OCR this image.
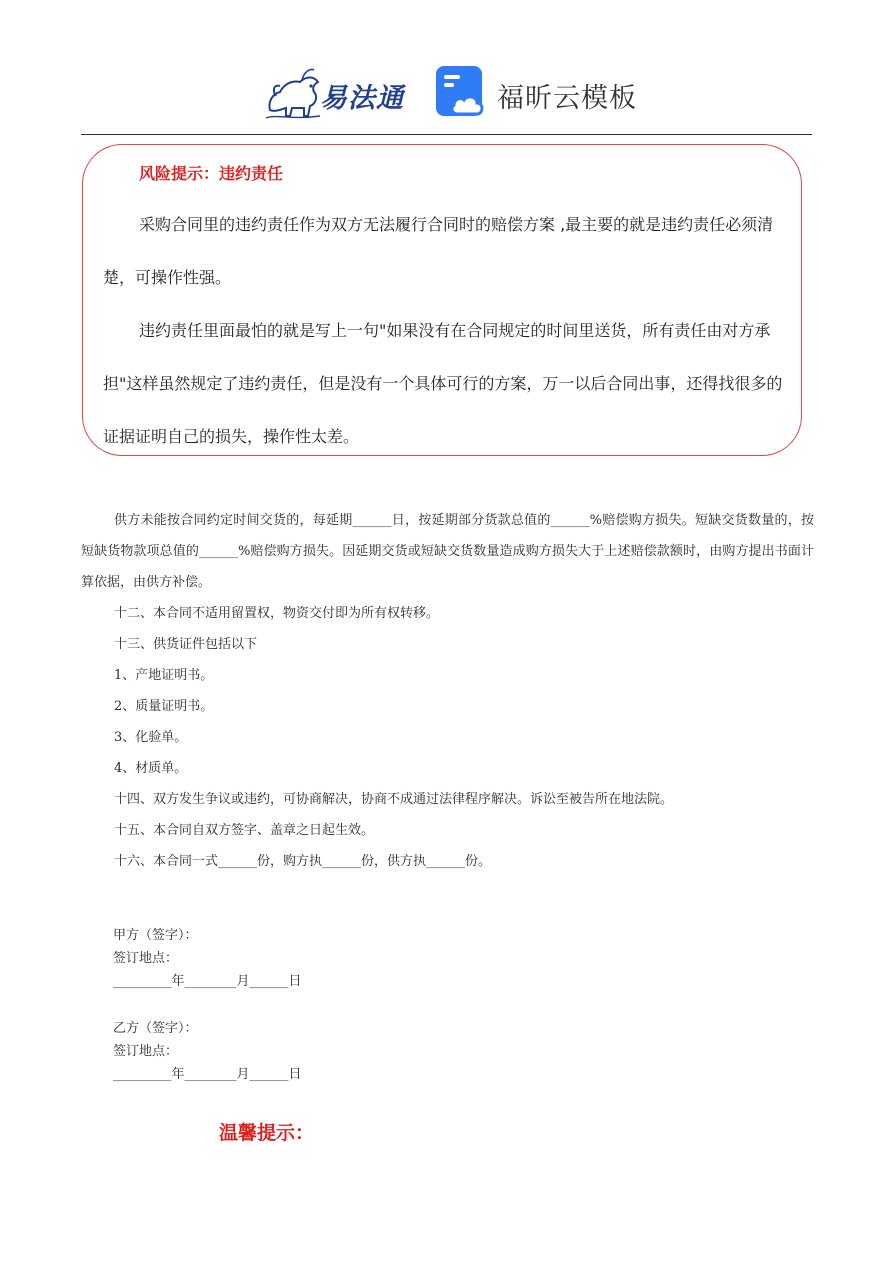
易法通	福昕云模板
风险提示：违约责任

采购合同里的违约责任作为双方无法履行合同时的赔偿方案 ,最主要的就是违约责任必须清楚，可操作性强。

违约责任里面最怕的就是写上一句"如果没有在合同规定的时间里送货，所有责任由对方承担"这样虽然规定了违约责任，但是没有一个具体可行的方案，万一以后合同出事，还得找很多的证据证明自己的损失，操作性太差。

供方未能按合同约定时间交货的，每延期______日，按延期部分货款总值的______%赔偿购方损失。短缺交货数量的，按短缺货物款项总值的______%赔偿购方损失。因延期交货或短缺交货数量造成购方损失大于上述赔偿款额时，由购方提出书面计算依据，由供方补偿。

十二、本合同不适用留置权，物资交付即为所有权转移。

十三、供货证件包括以下

1、产地证明书。

2、质量证明书。

3、化验单。

4、材质单。

十四、双方发生争议或违约，可协商解决，协商不成通过法律程序解决。诉讼至被告所在地法院。

十五、本合同自双方签字、盖章之日起生效。

十六、本合同一式______份，购方执______份，供方执______份。

甲方（签字）：
签订地点：
_________年________月______日
乙方（签字）：
签订地点：
_________年________月______日
温馨提示：
